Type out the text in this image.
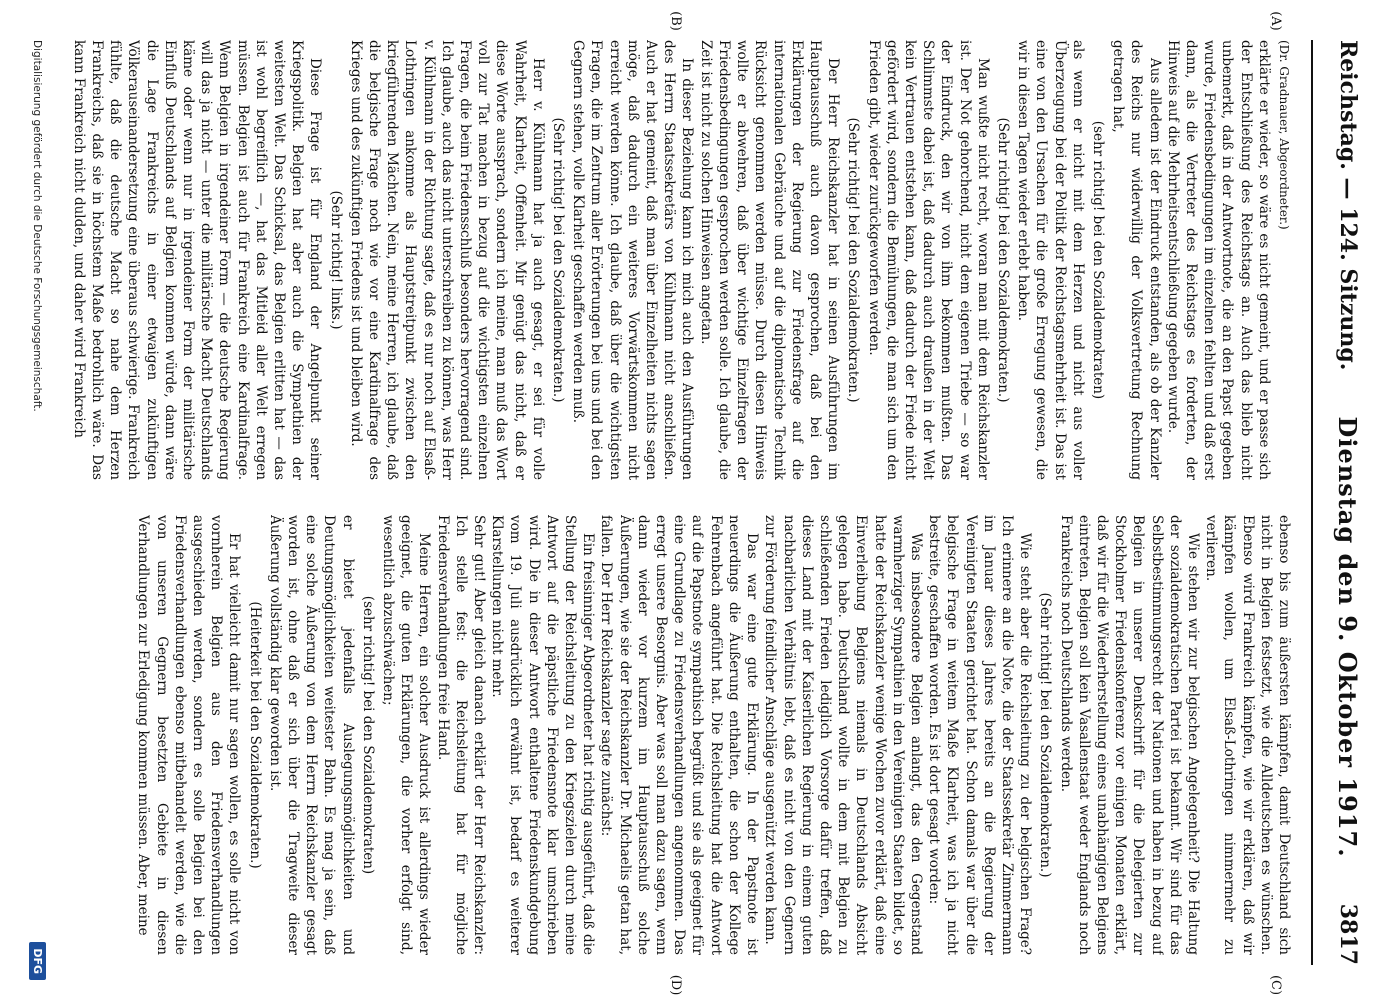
Reichstag. — 124. Sitzung.
Dienstag den 9. Oktober 1917.
3817
(A)
(B)
(C)
(D)
(Dr. Gradnauer, Abgeordneter.)

erklärte er wieder, so wäre es nicht gemeint, und er passe sich der Entschließung des Reichstags an. Auch das blieb nicht unbemerkt, daß in der Antwortnote, die an den Papst gegeben wurde, Friedensbedingungen im einzelnen fehlten und daß erst dann, als die Vertreter des Reichstags es forderten, der Hinweis auf die Mehrheitsentschließung gegeben wurde.

Aus alledem ist der Eindruck entstanden, als ob der Kanzler des Reichs nur widerwillig der Volksvertretung Rechnung getragen hat,

(sehr richtig! bei den Sozialdemokraten)

als wenn er nicht mit dem Herzen und nicht aus voller Überzeugung bei der Politik der Reichstagsmehrheit ist. Das ist eine von den Ursachen für die große Erregung gewesen, die wir in diesen Tagen wieder erlebt haben.

(Sehr richtig! bei den Sozialdemokraten.)

Man wußte nicht recht, woran man mit dem Reichskanzler ist. Der Not gehorchend, nicht dem eigenen Triebe — so war der Eindruck, den wir von ihm bekommen mußten. Das Schlimmste dabei ist, daß dadurch auch draußen in der Welt kein Vertrauen entstehen kann, daß dadurch der Friede nicht gefördert wird, sondern die Bemühungen, die man sich um den Frieden gibt, wieder zurückgeworfen werden.

(Sehr richtig! bei den Sozialdemokraten.)

Der Herr Reichskanzler hat in seinen Ausführungen im Hauptausschuß auch davon gesprochen, daß bei den Erklärungen der Regierung zur Friedensfrage auf die internationalen Gebräuche und auf die diplomatische Technik Rücksicht genommen werden müsse. Durch diesen Hinweis wollte er abwehren, daß über wichtige Einzelfragen der Friedensbedingungen gesprochen werden solle. Ich glaube, die Zeit ist nicht zu solchen Hinweisen angetan.

In dieser Beziehung kann ich mich auch den Ausführungen des Herrn Staatssekretärs von Kühlmann nicht anschließen. Auch er hat gemeint, daß man über Einzelheiten nichts sagen möge, daß dadurch ein weiteres Vorwärtskommen nicht erreicht werden könne. Ich glaube, daß über die wichtigsten Fragen, die im Zentrum aller Erörterungen bei uns und bei den Gegnern stehen, volle Klarheit geschaffen werden muß.

(Sehr richtig! bei den Sozialdemokraten.)

Herr v. Kühlmann hat ja auch gesagt, er sei für volle Wahrheit, Klarheit, Offenheit. Mir genügt das nicht, daß er diese Worte aussprach, sondern ich meine, man muß das Wort voll zur Tat machen in bezug auf die wichtigsten einzelnen Fragen, die beim Friedensschluß besonders hervorragend sind. Ich glaube, auch das nicht unterschreiben zu können, was Herr v. Kühlmann in der Richtung sagte, daß es nur noch auf Elsaß-Lothringen ankomme als Hauptstreitpunkt zwischen den kriegführenden Mächten. Nein, meine Herren, ich glaube, daß die belgische Frage noch wie vor eine Kardinalfrage des Krieges und des zukünftigen Friedens ist und bleiben wird.

(Sehr richtig! links.)

Diese Frage ist für England der Angelpunkt seiner Kriegspolitik. Belgien hat aber auch die Sympathien der weitesten Welt. Das Schicksal, das Belgien erlitten hat — das ist wohl begreiflich —, hat das Mitleid aller Welt erregen müssen. Belgien ist auch für Frankreich eine Kardinalfrage. Wenn Belgien in irgendeiner Form — die deutsche Regierung will das ja nicht — unter die militärische Macht Deutschlands käme oder wenn nur in irgendeiner Form der militärische Einfluß Deutschlands auf Belgien kommen würde, dann wäre die Lage Frankreichs in einer etwaigen zukünftigen Völkerauseinandersetzung eine überaus schwierige. Frankreich fühlte, daß die deutsche Macht so nahe dem Herzen Frankreichs, daß sie in höchstem Maße bedrohlich wäre. Das kann Frankreich nicht dulden, und daher wird Frankreich

ebenso bis zum äußersten kämpfen, damit Deutschland sich nicht in Belgien festsetzt, wie die Alldeutschen es wünschen. Ebenso wird Frankreich kämpfen, wie wir erklären, daß wir kämpfen wollen, um Elsaß-Lothringen nimmermehr zu verlieren.

Wie stehen wir zur belgischen Angelegenheit? Die Haltung der sozialdemokratischen Partei ist bekannt. Wir sind für das Selbstbestimmungsrecht der Nationen und haben in bezug auf Belgien in unserer Denkschrift für die Delegierten zur Stockholmer Friedenskonferenz vor einigen Monaten erklärt, daß wir für die Wiederherstellung eines unabhängigen Belgiens eintreten. Belgien soll kein Vasallenstaat weder Englands noch Frankreichs noch Deutschlands werden.

(Sehr richtig! bei den Sozialdemokraten.)

Wie steht aber die Reichsleitung zu der belgischen Frage? Ich erinnere an die Note, die der Staatssekretär Zimmermann im Januar dieses Jahres bereits an die Regierung der Vereinigten Staaten gerichtet hat. Schon damals war über die belgische Frage in weitem Maße Klarheit, was ich ja nicht bestreite, geschaffen worden. Es ist dort gesagt worden:

Was insbesondere Belgien anlangt, das den Gegenstand warmherziger Sympathien in den Vereinigten Staaten bildet, so hatte der Reichskanzler wenige Wochen zuvor erklärt, daß eine Einverleibung Belgiens niemals in Deutschlands Absicht gelegen habe. Deutschland wollte in dem mit Belgien zu schließenden Frieden lediglich Vorsorge dafür treffen, daß dieses Land mit der Kaiserlichen Regierung in einem guten nachbarlichen Verhältnis lebt, daß es nicht von den Gegnern zur Förderung feindlicher Anschläge ausgenützt werden kann.

Das war eine gute Erklärung. In der Papstnote ist neuerdings die Äußerung enthalten, die schon der Kollege Fehrenbach angeführt hat. Die Reichsleitung hat die Antwort auf die Papstnote sympathisch begrüßt und sie als geeignet für eine Grundlage zu Friedensverhandlungen angenommen. Das erregt unsere Besorgnis. Aber was soll man dazu sagen, wenn dann wieder vor kurzem im Hauptausschuß solche Äußerungen, wie sie der Reichskanzler Dr. Michaelis getan hat, fallen. Der Herr Reichskanzler sagte zunächst:

Ein freisinniger Abgeordneter hat richtig ausgeführt, daß die Stellung der Reichsleitung zu den Kriegszielen durch meine Antwort auf die päpstliche Friedensnote klar umschrieben wird. Die in dieser Antwort enthaltene Friedenskundgebung vom 19. Juli ausdrücklich erwähnt ist, bedarf es weiterer Klarstellungen nicht mehr.

Sehr gut! Aber gleich danach erklärt der Herr Reichskanzler: Ich stelle fest: die Reichsleitung hat für mögliche Friedensverhandlungen freie Hand.

Meine Herren, ein solcher Ausdruck ist allerdings wieder geeignet, die guten Erklärungen, die vorher erfolgt sind, wesentlich abzuschwächen;

(sehr richtig! bei den Sozialdemokraten)

er bietet jedenfalls Auslegungsmöglichkeiten und Deutungsmöglichkeiten weitester Bahn. Es mag ja sein, daß eine solche Äußerung von dem Herrn Reichskanzler gesagt worden ist, ohne daß er sich über die Tragweite dieser Äußerung vollständig klar geworden ist.

(Heiterkeit bei den Sozialdemokraten.)

Er hat vielleicht damit nur sagen wollen, es solle nicht von vornherein Belgien aus den Friedensverhandlungen ausgeschieden werden, sondern es solle Belgien bei den Friedensverhandlungen ebenso mitbehandelt werden, wie die von unseren Gegnern besetzten Gebiete in diesen Verhandlungen zur Erledigung kommen müssen. Aber, meine

Digitalisierung gefördert durch die Deutsche Forschungsgemeinschaft.
DFG
